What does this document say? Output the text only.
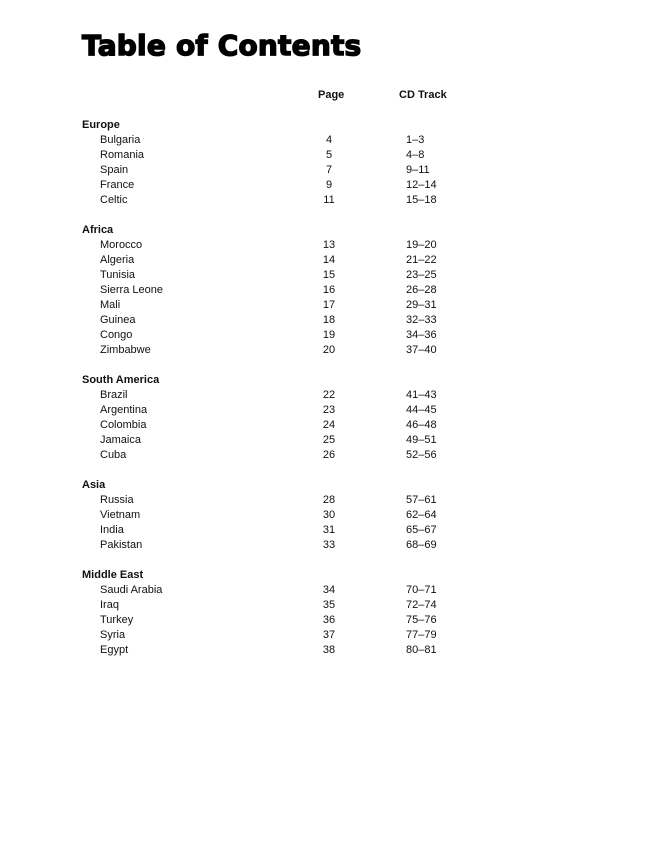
Table of Contents
Page	CD Track
Europe
Bulgaria	4	1–3
Romania	5	4–8
Spain	7	9–11
France	9	12–14
Celtic	11	15–18
Africa
Morocco	13	19–20
Algeria	14	21–22
Tunisia	15	23–25
Sierra Leone	16	26–28
Mali	17	29–31
Guinea	18	32–33
Congo	19	34–36
Zimbabwe	20	37–40
South America
Brazil	22	41–43
Argentina	23	44–45
Colombia	24	46–48
Jamaica	25	49–51
Cuba	26	52–56
Asia
Russia	28	57–61
Vietnam	30	62–64
India	31	65–67
Pakistan	33	68–69
Middle East
Saudi Arabia	34	70–71
Iraq	35	72–74
Turkey	36	75–76
Syria	37	77–79
Egypt	38	80–81
